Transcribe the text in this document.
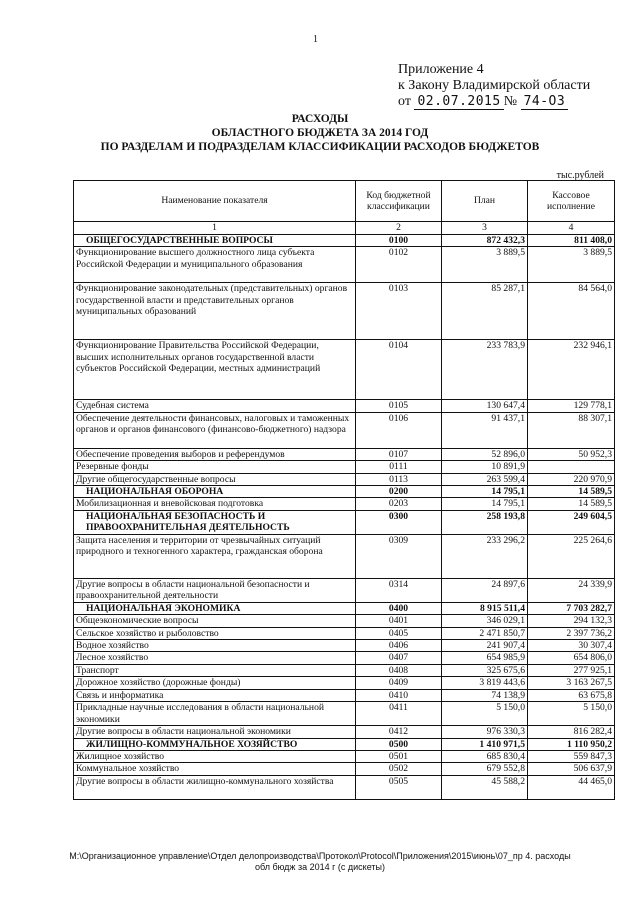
1
Приложение 4
к Закону Владимирской области
от 02.07.2015 № 74-ОЗ
РАСХОДЫ
ОБЛАСТНОГО БЮДЖЕТА ЗА 2014 ГОД
ПО РАЗДЕЛАМ И ПОДРАЗДЕЛАМ КЛАССИФИКАЦИИ РАСХОДОВ БЮДЖЕТОВ
тыс.рублей
Наименование показателя	Код бюджетной классификации	План	Кассовое исполнение
1	2	3	4
ОБЩЕГОСУДАРСТВЕННЫЕ ВОПРОСЫ	0100	872 432,3	811 408,0
Функционирование высшего должностного лица субъекта Российской Федерации и муниципального образования	0102	3 889,5	3 889,5
Функционирование законодательных (представительных) органов государственной власти и представительных органов муниципальных образований	0103	85 287,1	84 564,0
Функционирование Правительства Российской Федерации, высших исполнительных органов государственной власти субъектов Российской Федерации, местных администраций	0104	233 783,9	232 946,1
Судебная система	0105	130 647,4	129 778,1
Обеспечение деятельности финансовых, налоговых и таможенных органов и органов финансового (финансово-бюджетного) надзора	0106	91 437,1	88 307,1
Обеспечение проведения выборов и референдумов	0107	52 896,0	50 952,3
Резервные фонды	0111	10 891,9	
Другие общегосударственные вопросы	0113	263 599,4	220 970,9
НАЦИОНАЛЬНАЯ ОБОРОНА	0200	14 795,1	14 589,5
Мобилизационная и вневойсковая подготовка	0203	14 795,1	14 589,5
НАЦИОНАЛЬНАЯ БЕЗОПАСНОСТЬ И ПРАВООХРАНИТЕЛЬНАЯ ДЕЯТЕЛЬНОСТЬ	0300	258 193,8	249 604,5
Защита населения и территории от чрезвычайных ситуаций природного и техногенного характера, гражданская оборона	0309	233 296,2	225 264,6
Другие вопросы в области национальной безопасности и правоохранительной деятельности	0314	24 897,6	24 339,9
НАЦИОНАЛЬНАЯ ЭКОНОМИКА	0400	8 915 511,4	7 703 282,7
Общеэкономические вопросы	0401	346 029,1	294 132,3
Сельское хозяйство и рыболовство	0405	2 471 850,7	2 397 736,2
Водное хозяйство	0406	241 907,4	30 307,4
Лесное хозяйство	0407	654 985,9	654 806,0
Транспорт	0408	325 675,6	277 925,1
Дорожное хозяйство (дорожные фонды)	0409	3 819 443,6	3 163 267,5
Связь и информатика	0410	74 138,9	63 675,8
Прикладные научные исследования в области национальной экономики	0411	5 150,0	5 150,0
Другие вопросы в области национальной экономики	0412	976 330,3	816 282,4
ЖИЛИЩНО-КОММУНАЛЬНОЕ ХОЗЯЙСТВО	0500	1 410 971,5	1 110 950,2
Жилищное хозяйство	0501	685 830,4	559 847,3
Коммунальное хозяйство	0502	679 552,8	506 637,9
Другие вопросы в области жилищно-коммунального хозяйства	0505	45 588,2	44 465,0
M:\Организационное управление\Отдел делопроизводства\Протокол\Protocol\Приложения\2015\июнь\07_пр 4. расходы
обл бюдж за 2014 г (с дискеты)
